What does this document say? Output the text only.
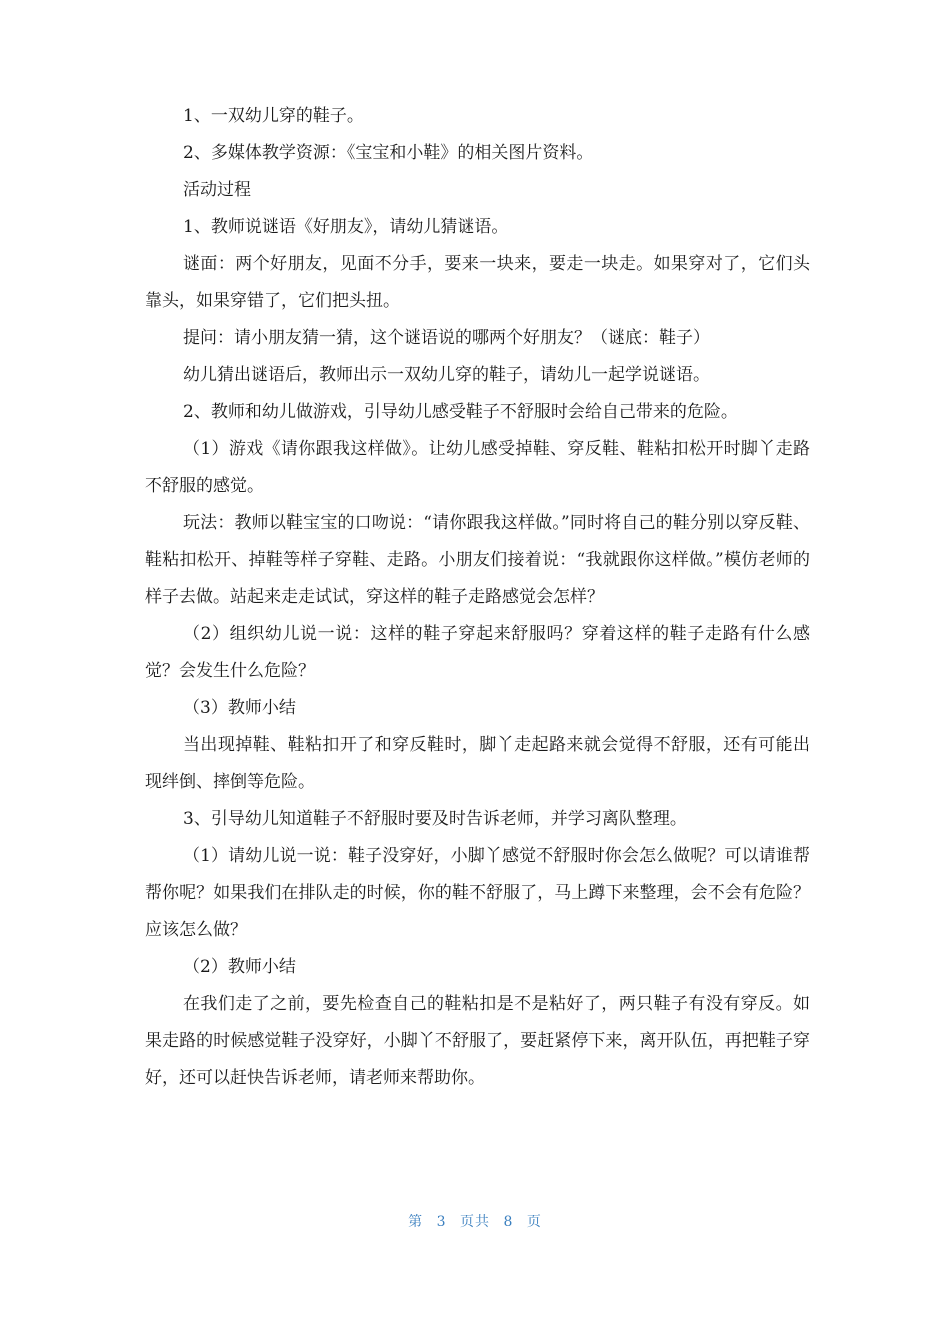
1、一双幼儿穿的鞋子。

2、多媒体教学资源：《宝宝和小鞋》的相关图片资料。

活动过程

1、教师说谜语《好朋友》，请幼儿猜谜语。

谜面：两个好朋友，见面不分手，要来一块来，要走一块走。如果穿对了，它们头靠头，如果穿错了，它们把头扭。

提问：请小朋友猜一猜，这个谜语说的哪两个好朋友？（谜底：鞋子）

幼儿猜出谜语后，教师出示一双幼儿穿的鞋子，请幼儿一起学说谜语。

2、教师和幼儿做游戏，引导幼儿感受鞋子不舒服时会给自己带来的危险。

（1）游戏《请你跟我这样做》。让幼儿感受掉鞋、穿反鞋、鞋粘扣松开时脚丫走路不舒服的感觉。

玩法：教师以鞋宝宝的口吻说：“请你跟我这样做。”同时将自己的鞋分别以穿反鞋、鞋粘扣松开、掉鞋等样子穿鞋、走路。小朋友们接着说：“我就跟你这样做。”模仿老师的样子去做。站起来走走试试，穿这样的鞋子走路感觉会怎样？

（2）组织幼儿说一说：这样的鞋子穿起来舒服吗？穿着这样的鞋子走路有什么感觉？会发生什么危险？

（3）教师小结

当出现掉鞋、鞋粘扣开了和穿反鞋时，脚丫走起路来就会觉得不舒服，还有可能出现绊倒、摔倒等危险。

3、引导幼儿知道鞋子不舒服时要及时告诉老师，并学习离队整理。

（1）请幼儿说一说：鞋子没穿好，小脚丫感觉不舒服时你会怎么做呢？可以请谁帮帮你呢？如果我们在排队走的时候，你的鞋不舒服了，马上蹲下来整理，会不会有危险？应该怎么做？

（2）教师小结

在我们走了之前，要先检查自己的鞋粘扣是不是粘好了，两只鞋子有没有穿反。如果走路的时候感觉鞋子没穿好，小脚丫不舒服了，要赶紧停下来，离开队伍，再把鞋子穿好，还可以赶快告诉老师，请老师来帮助你。

第 3 页共 8 页
